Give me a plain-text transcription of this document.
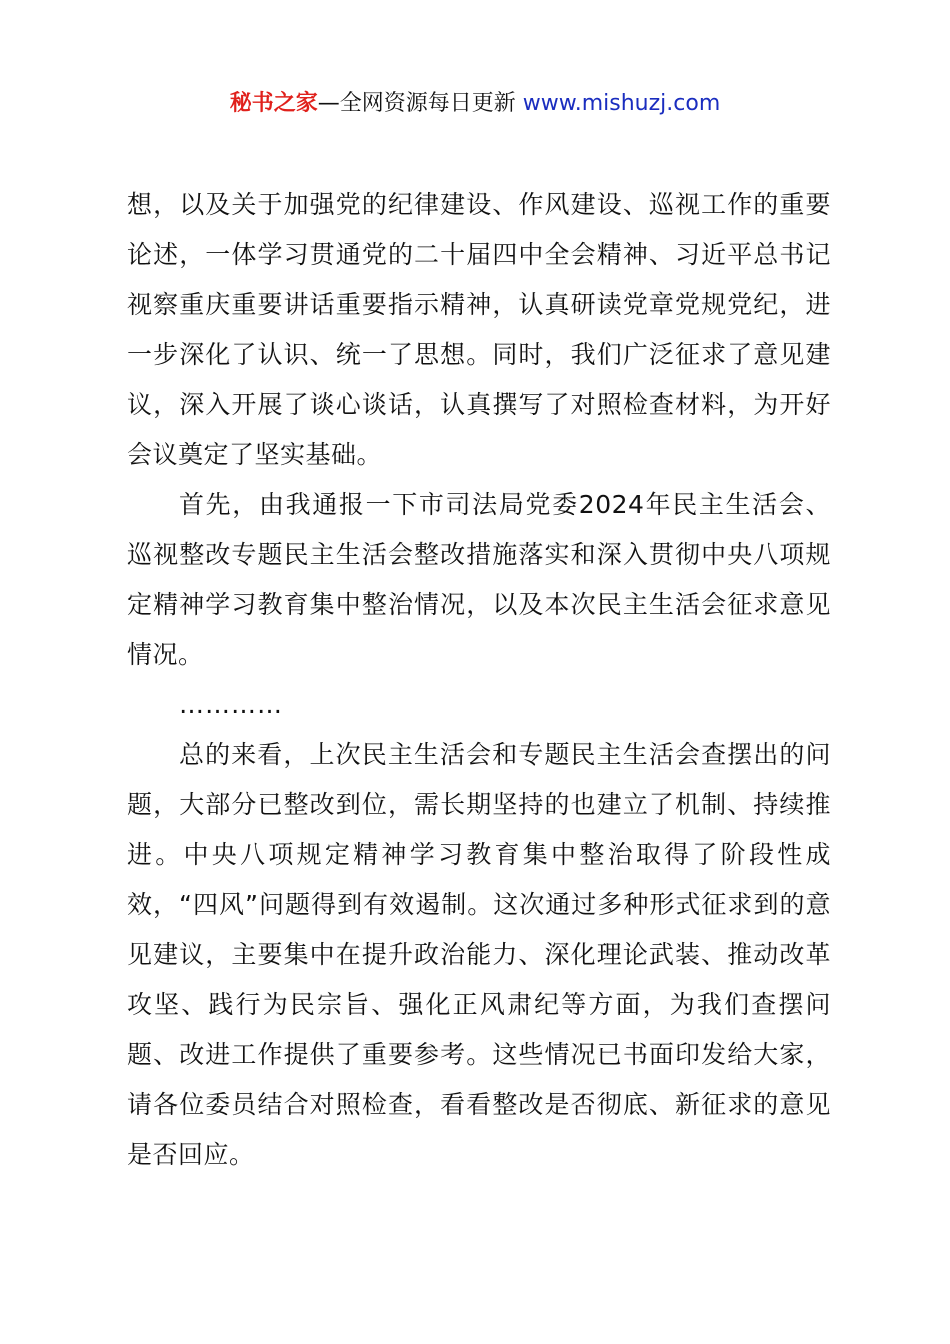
秘书之家—全网资源每日更新 www.mishuzj.com

想，以及关于加强党的纪律建设、作风建设、巡视工作的重要论述，一体学习贯通党的二十届四中全会精神、习近平总书记视察重庆重要讲话重要指示精神，认真研读党章党规党纪，进一步深化了认识、统一了思想。同时，我们广泛征求了意见建议，深入开展了谈心谈话，认真撰写了对照检查材料，为开好会议奠定了坚实基础。

首先，由我通报一下市司法局党委2024年民主生活会、巡视整改专题民主生活会整改措施落实和深入贯彻中央八项规定精神学习教育集中整治情况，以及本次民主生活会征求意见情况。

…………

总的来看，上次民主生活会和专题民主生活会查摆出的问题，大部分已整改到位，需长期坚持的也建立了机制、持续推进。中央八项规定精神学习教育集中整治取得了阶段性成效，“四风”问题得到有效遏制。这次通过多种形式征求到的意见建议，主要集中在提升政治能力、深化理论武装、推动改革攻坚、践行为民宗旨、强化正风肃纪等方面，为我们查摆问题、改进工作提供了重要参考。这些情况已书面印发给大家，请各位委员结合对照检查，看看整改是否彻底、新征求的意见是否回应。
